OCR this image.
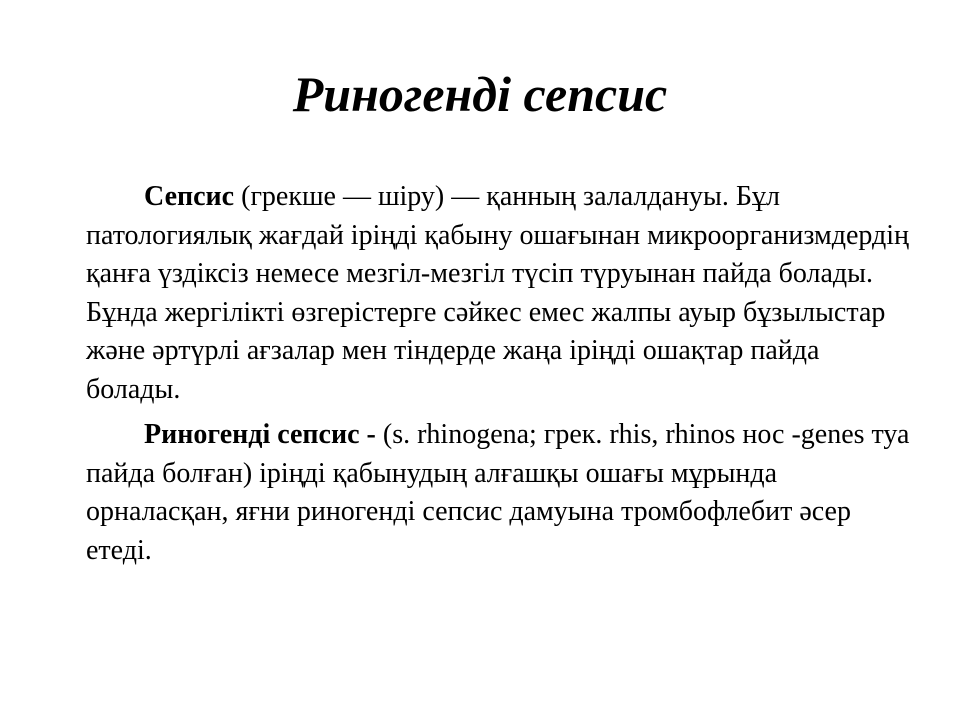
Риногенді сепсис

Сепсис (грекше — шіру) — қанның залалдануы. Бұл патологиялық жағдай іріңді қабыну ошағынан микроорганизмдердің қанға үздіксіз немесе мезгіл-мезгіл түсіп түруынан пайда болады. Бұнда жергілікті өзгерістерге сәйкес емес жалпы ауыр бұзылыстар және әртүрлі ағзалар мен тіндерде жаңа іріңді ошақтар пайда болады.

Риногенді сепсис - (s. rhinogena; грек. rhis, rhinos нос -genes туа пайда болған) іріңді қабынудың алғашқы ошағы мұрында орналасқан, яғни риногенді сепсис дамуына тромбофлебит әсер етеді.
